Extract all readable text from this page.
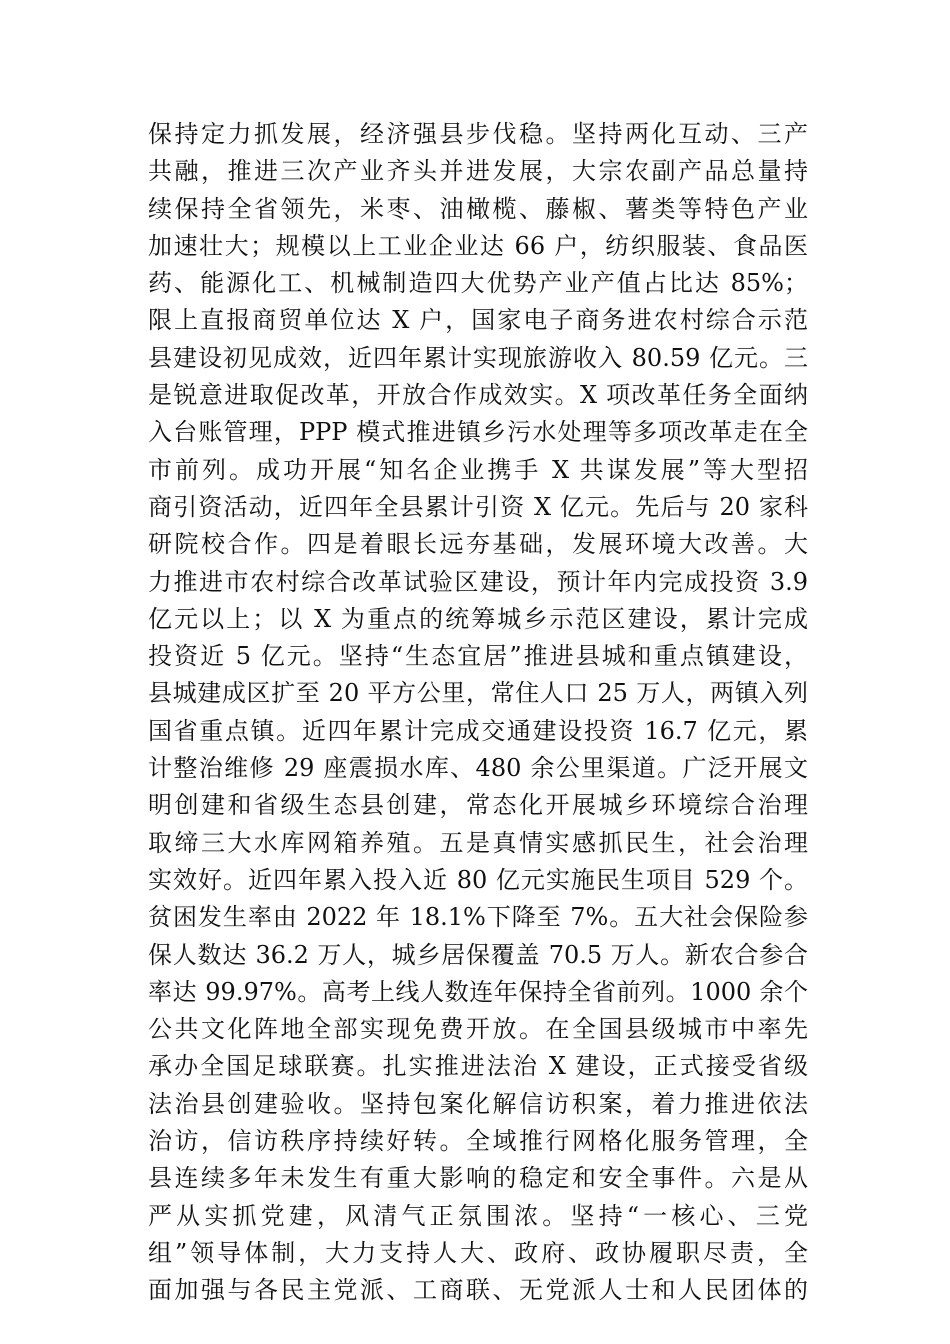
保持定力抓发展，经济强县步伐稳。坚持两化互动、三产
共融，推进三次产业齐头并进发展，大宗农副产品总量持
续保持全省领先，米枣、油橄榄、藤椒、薯类等特色产业
加速壮大；规模以上工业企业达 66 户，纺织服装、食品医
药、能源化工、机械制造四大优势产业产值占比达 85%；
限上直报商贸单位达 X 户，国家电子商务进农村综合示范
县建设初见成效，近四年累计实现旅游收入 80.59 亿元。三
是锐意进取促改革，开放合作成效实。X 项改革任务全面纳
入台账管理，PPP 模式推进镇乡污水处理等多项改革走在全
市前列。成功开展“知名企业携手 X 共谋发展”等大型招
商引资活动，近四年全县累计引资 X 亿元。先后与 20 家科
研院校合作。四是着眼长远夯基础，发展环境大改善。大
力推进市农村综合改革试验区建设，预计年内完成投资 3.9
亿元以上；以 X 为重点的统筹城乡示范区建设，累计完成
投资近 5 亿元。坚持“生态宜居”推进县城和重点镇建设，
县城建成区扩至 20 平方公里，常住人口 25 万人，两镇入列
国省重点镇。近四年累计完成交通建设投资 16.7 亿元，累
计整治维修 29 座震损水库、480 余公里渠道。广泛开展文
明创建和省级生态县创建，常态化开展城乡环境综合治理
取缔三大水库网箱养殖。五是真情实感抓民生，社会治理
实效好。近四年累入投入近 80 亿元实施民生项目 529 个。
贫困发生率由 2022 年 18.1%下降至 7%。五大社会保险参
保人数达 36.2 万人，城乡居保覆盖 70.5 万人。新农合参合
率达 99.97%。高考上线人数连年保持全省前列。1000 余个
公共文化阵地全部实现免费开放。在全国县级城市中率先
承办全国足球联赛。扎实推进法治 X 建设，正式接受省级
法治县创建验收。坚持包案化解信访积案，着力推进依法
治访，信访秩序持续好转。全域推行网格化服务管理，全
县连续多年未发生有重大影响的稳定和安全事件。六是从
严从实抓党建，风清气正氛围浓。坚持“一核心、三党
组”领导体制，大力支持人大、政府、政协履职尽责，全
面加强与各民主党派、工商联、无党派人士和人民团体的
